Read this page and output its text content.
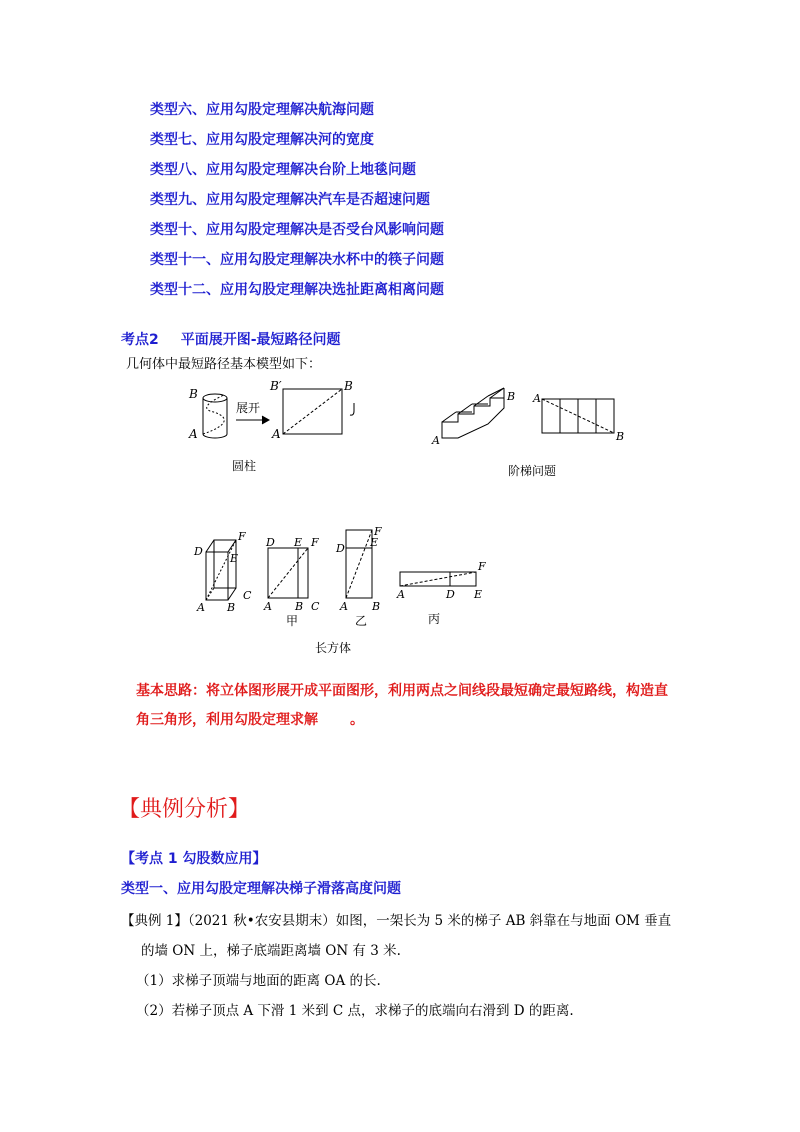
类型六、应用勾股定理解决航海问题
类型七、应用勾股定理解决河的宽度
类型八、应用勾股定理解决台阶上地毯问题
类型九、应用勾股定理解决汽车是否超速问题
类型十、应用勾股定理解决是否受台风影响问题
类型十一、应用勾股定理解决水杯中的筷子问题
类型十二、应用勾股定理解决选扯距离相离问题
考点2 平面展开图-最短路径问题
几何体中最短路径基本模型如下：
B
A
展开
B′	B
A
圆柱
A
B A
B
阶梯问题
D
E
F
A B
C
D E F
A B C
甲
D E
F
A B
乙
A	D E
F
丙
长方体
基本思路：将立体图形展开成平面图形，利用两点之间线段最短确定最短路线，构造直
角三角形，利用勾股定理求解 。
【典例分析】
【考点 1 勾股数应用】
类型一、应用勾股定理解决梯子滑落高度问题
【典例 1】（2021 秋•农安县期末）如图，一架长为 5 米的梯子 AB 斜靠在与地面 OM 垂直
的墙 ON 上，梯子底端距离墙 ON 有 3 米.
（1）求梯子顶端与地面的距离 OA 的长.
（2）若梯子顶点 A 下滑 1 米到 C 点，求梯子的底端向右滑到 D 的距离.
